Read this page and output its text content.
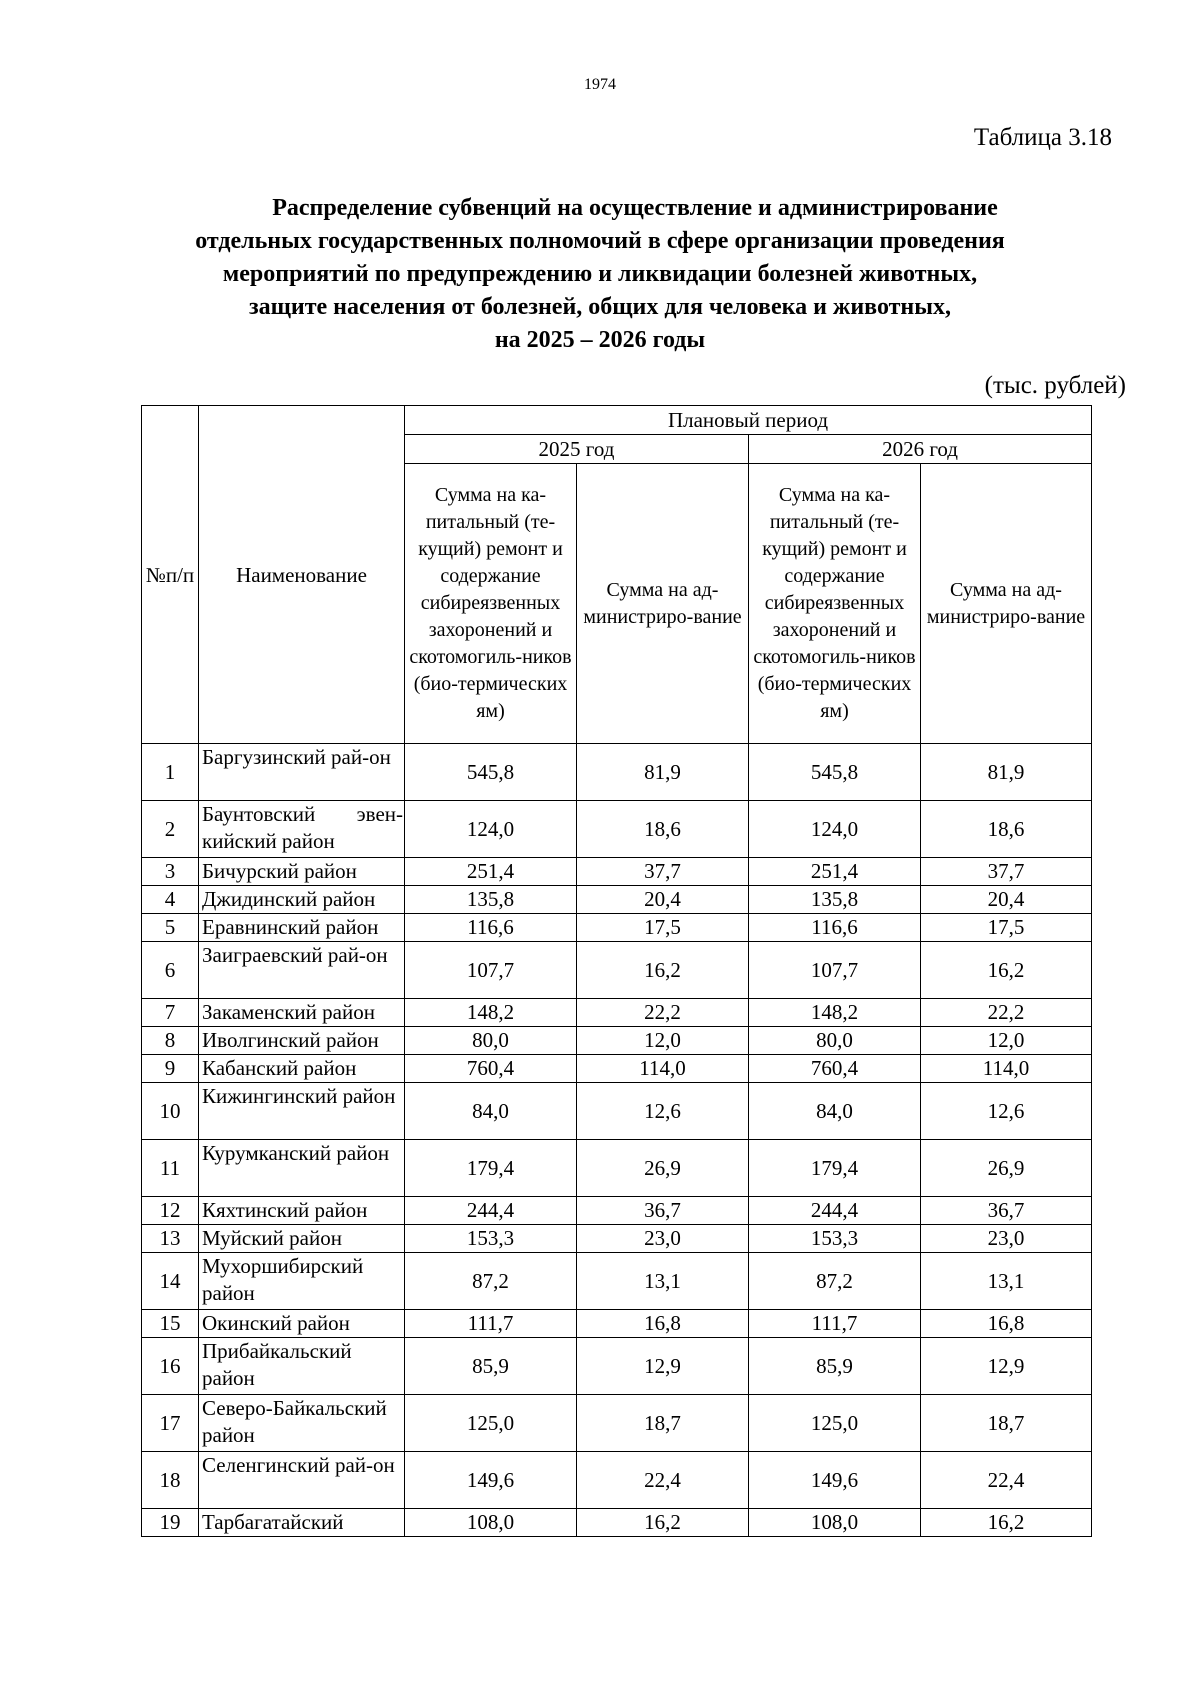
1974
Таблица 3.18
Распределение субвенций на осуществление и администрирование
отдельных государственных полномочий в сфере организации проведения
мероприятий по предупреждению и ликвидации болезней животных,
защите населения от болезней, общих для человека и животных,
на 2025 – 2026 годы
(тыс. рублей)
№п/п	Наименование	Плановый период			
		2025 год		2026 год	
		Сумма на ка-питальный (те-кущий) ремонт и содержание сибиреязвенных захоронений и скотомогиль-ников (био-термических ям)	Сумма на ад-министриро-вание	Сумма на ка-питальный (те-кущий) ремонт и содержание сибиреязвенных захоронений и скотомогиль-ников (био-термических ям)	Сумма на ад-министриро-вание
1	Баргузинский рай-он	545,8	81,9	545,8	81,9
2	Баунтовский эвен-кийский район	124,0	18,6	124,0	18,6
3	Бичурский район	251,4	37,7	251,4	37,7
4	Джидинский район	135,8	20,4	135,8	20,4
5	Еравнинский район	116,6	17,5	116,6	17,5
6	Заиграевский рай-он	107,7	16,2	107,7	16,2
7	Закаменский район	148,2	22,2	148,2	22,2
8	Иволгинский район	80,0	12,0	80,0	12,0
9	Кабанский район	760,4	114,0	760,4	114,0
10	Кижингинский район	84,0	12,6	84,0	12,6
11	Курумканский район	179,4	26,9	179,4	26,9
12	Кяхтинский район	244,4	36,7	244,4	36,7
13	Муйский район	153,3	23,0	153,3	23,0
14	Мухоршибирский район	87,2	13,1	87,2	13,1
15	Окинский район	111,7	16,8	111,7	16,8
16	Прибайкальский район	85,9	12,9	85,9	12,9
17	Северо-Байкальский район	125,0	18,7	125,0	18,7
18	Селенгинский рай-он	149,6	22,4	149,6	22,4
19	Тарбагатайский	108,0	16,2	108,0	16,2
